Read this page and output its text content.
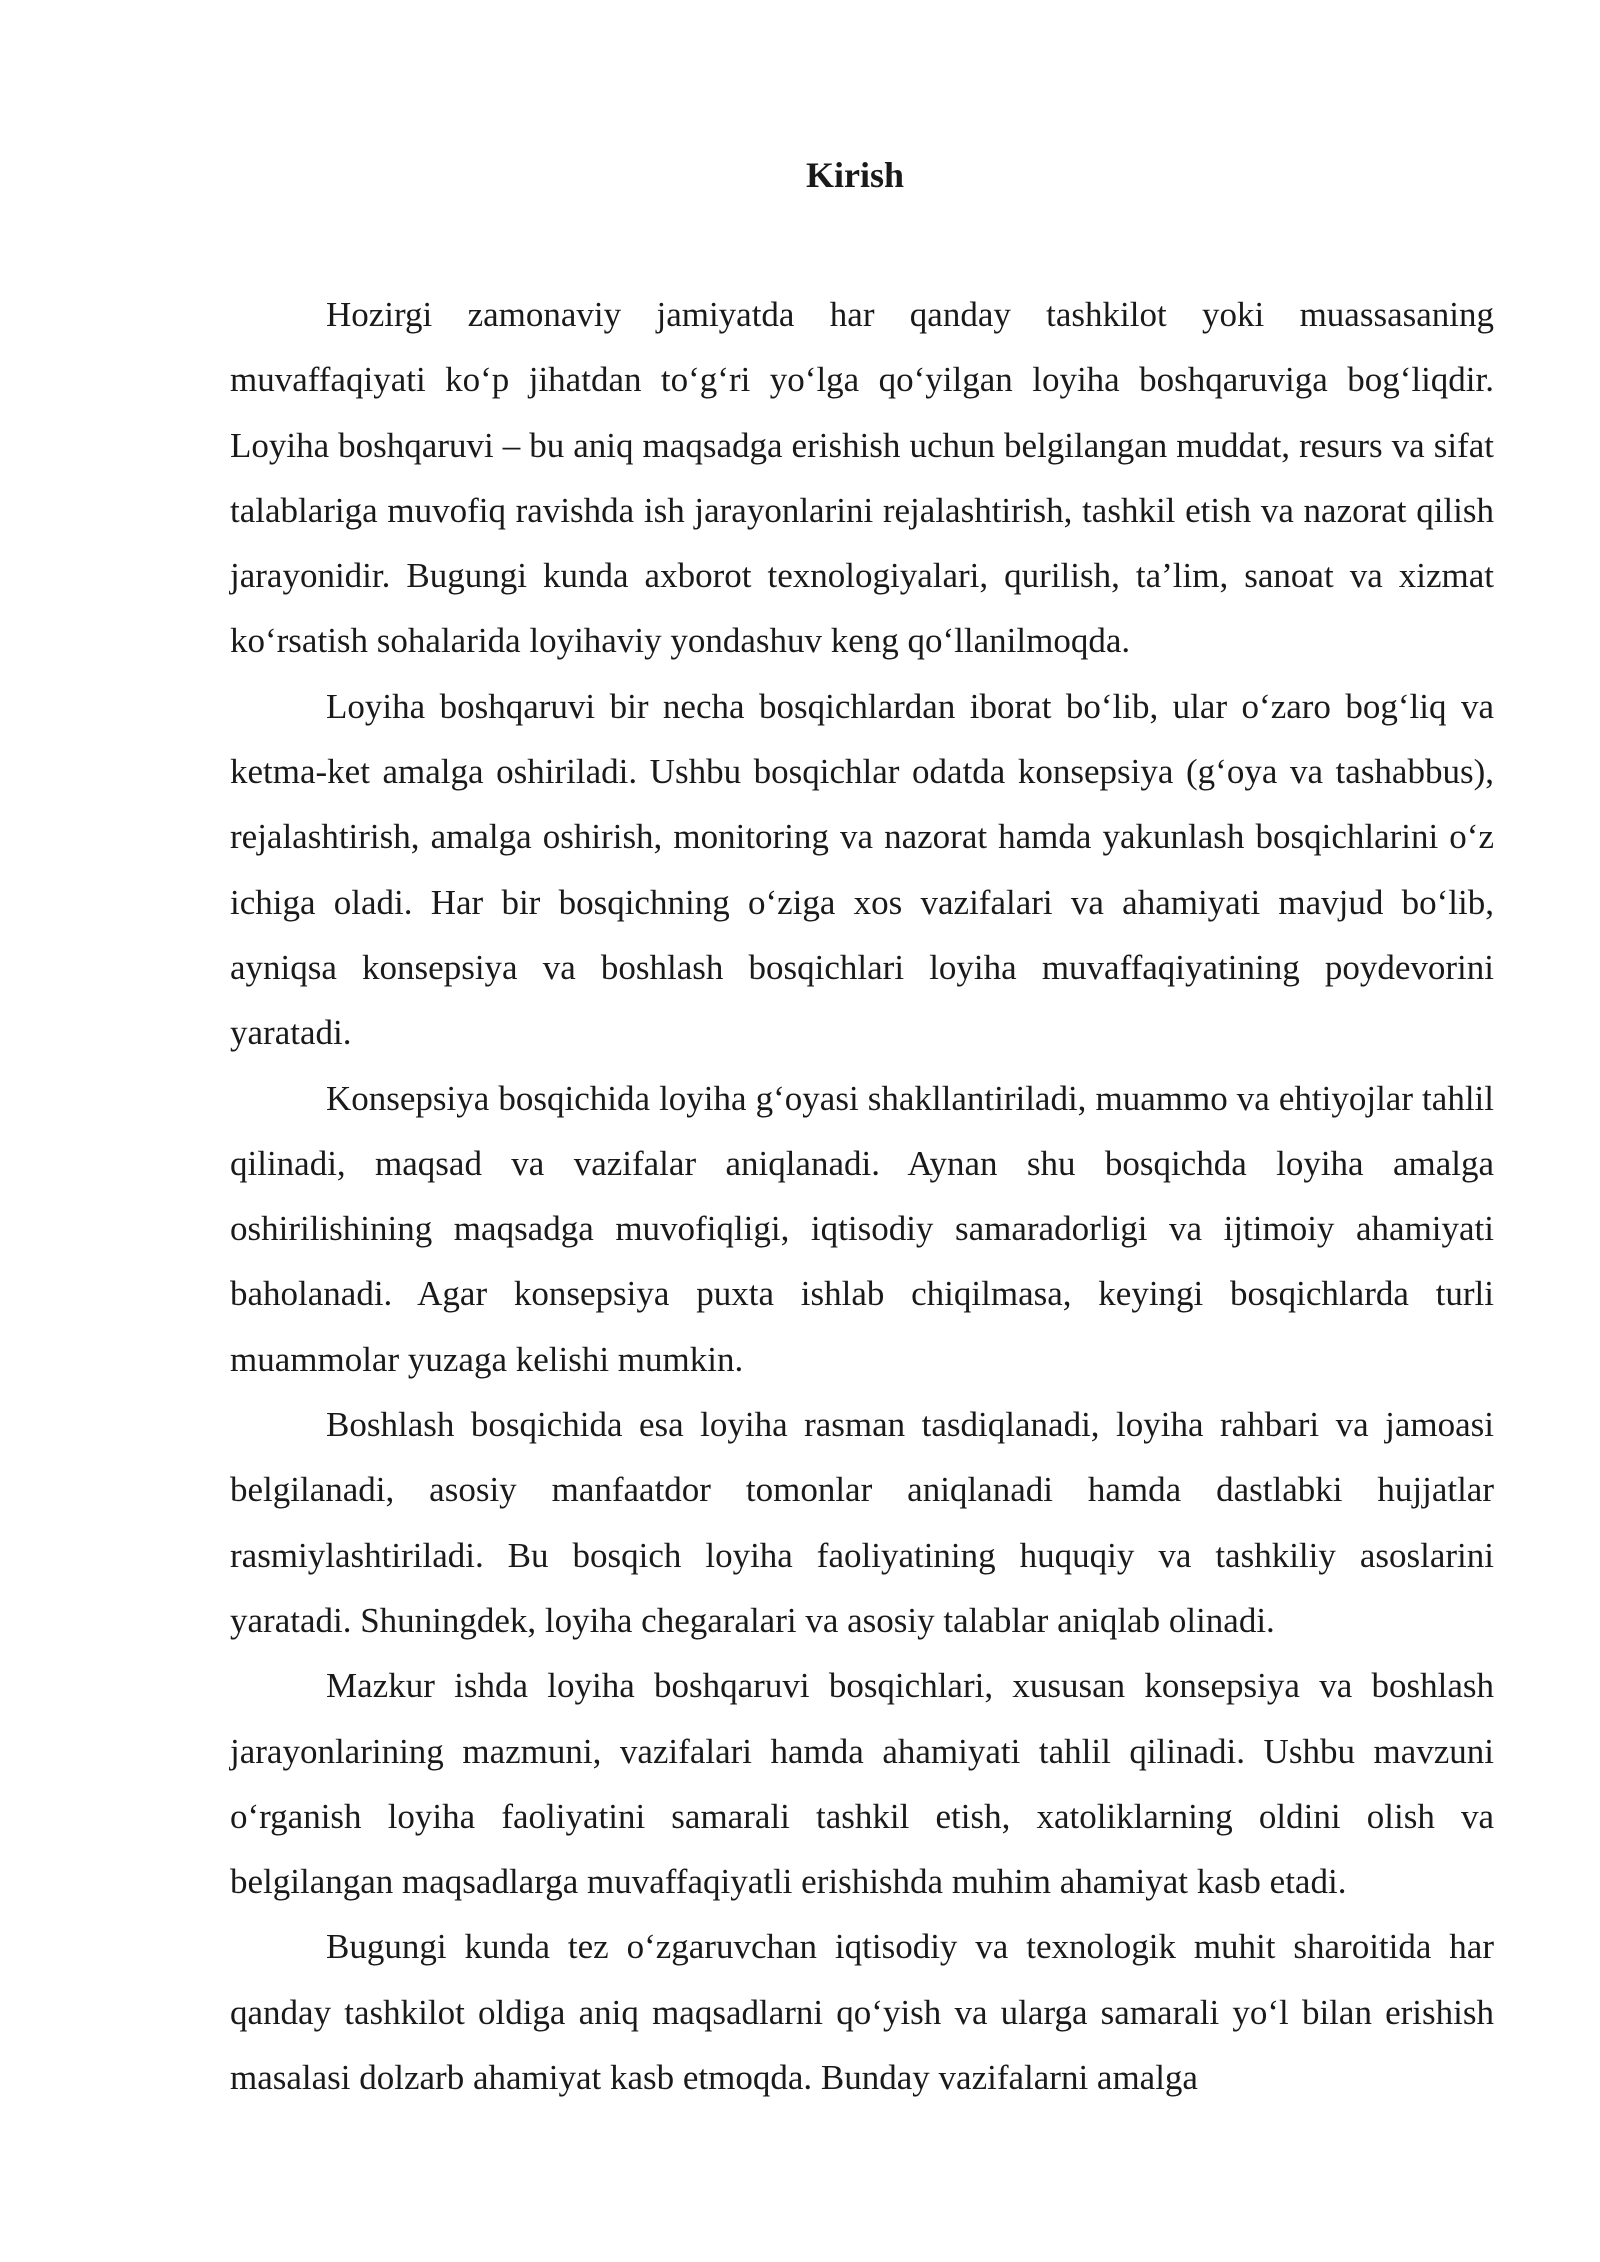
Kirish

Hozirgi zamonaviy jamiyatda har qanday tashkilot yoki muassasaning muvaffaqiyati ko‘p jihatdan to‘g‘ri yo‘lga qo‘yilgan loyiha boshqaruviga bog‘liqdir. Loyiha boshqaruvi – bu aniq maqsadga erishish uchun belgilangan muddat, resurs va sifat talablariga muvofiq ravishda ish jarayonlarini rejalashtirish, tashkil etish va nazorat qilish jarayonidir. Bugungi kunda axborot texnologiyalari, qurilish, ta’lim, sanoat va xizmat ko‘rsatish sohalarida loyihaviy yondashuv keng qo‘llanilmoqda.

Loyiha boshqaruvi bir necha bosqichlardan iborat bo‘lib, ular o‘zaro bog‘liq va ketma-ket amalga oshiriladi. Ushbu bosqichlar odatda konsepsiya (g‘oya va tashabbus), rejalashtirish, amalga oshirish, monitoring va nazorat hamda yakunlash bosqichlarini o‘z ichiga oladi. Har bir bosqichning o‘ziga xos vazifalari va ahamiyati mavjud bo‘lib, ayniqsa konsepsiya va boshlash bosqichlari loyiha muvaffaqiyatining poydevorini yaratadi.

Konsepsiya bosqichida loyiha g‘oyasi shakllantiriladi, muammo va ehtiyojlar tahlil qilinadi, maqsad va vazifalar aniqlanadi. Aynan shu bosqichda loyiha amalga oshirilishining maqsadga muvofiqligi, iqtisodiy samaradorligi va ijtimoiy ahamiyati baholanadi. Agar konsepsiya puxta ishlab chiqilmasa, keyingi bosqichlarda turli muammolar yuzaga kelishi mumkin.

Boshlash bosqichida esa loyiha rasman tasdiqlanadi, loyiha rahbari va jamoasi belgilanadi, asosiy manfaatdor tomonlar aniqlanadi hamda dastlabki hujjatlar rasmiylashtiriladi. Bu bosqich loyiha faoliyatining huquqiy va tashkiliy asoslarini yaratadi. Shuningdek, loyiha chegaralari va asosiy talablar aniqlab olinadi.

Mazkur ishda loyiha boshqaruvi bosqichlari, xususan konsepsiya va boshlash jarayonlarining mazmuni, vazifalari hamda ahamiyati tahlil qilinadi. Ushbu mavzuni o‘rganish loyiha faoliyatini samarali tashkil etish, xatoliklarning oldini olish va belgilangan maqsadlarga muvaffaqiyatli erishishda muhim ahamiyat kasb etadi.

Bugungi kunda tez o‘zgaruvchan iqtisodiy va texnologik muhit sharoitida har qanday tashkilot oldiga aniq maqsadlarni qo‘yish va ularga samarali yo‘l bilan erishish masalasi dolzarb ahamiyat kasb etmoqda. Bunday vazifalarni amalga
